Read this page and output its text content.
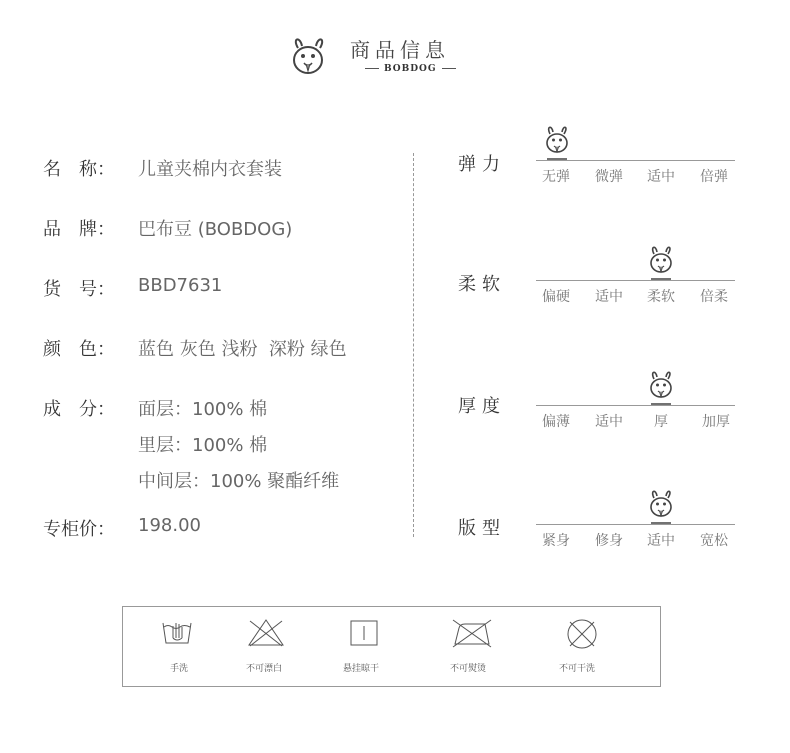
商品信息
BOBDOG
名　称： 儿童夹棉内衣套装
品　牌： 巴布豆 (BOBDOG)
货　号： BBD7631
颜　色： 蓝色 灰色 浅粉  深粉 绿色
成　分： 面层：100% 棉
里层：100% 棉
中间层：100% 聚酯纤维
专柜价： 198.00
弹力
无弹 微弹 适中 倍弹
柔软
偏硬 适中 柔软 倍柔
厚度
偏薄 适中 厚 加厚
版型
紧身 修身 适中 宽松
手洗	不可漂白	悬挂晾干	不可熨烫	不可干洗
